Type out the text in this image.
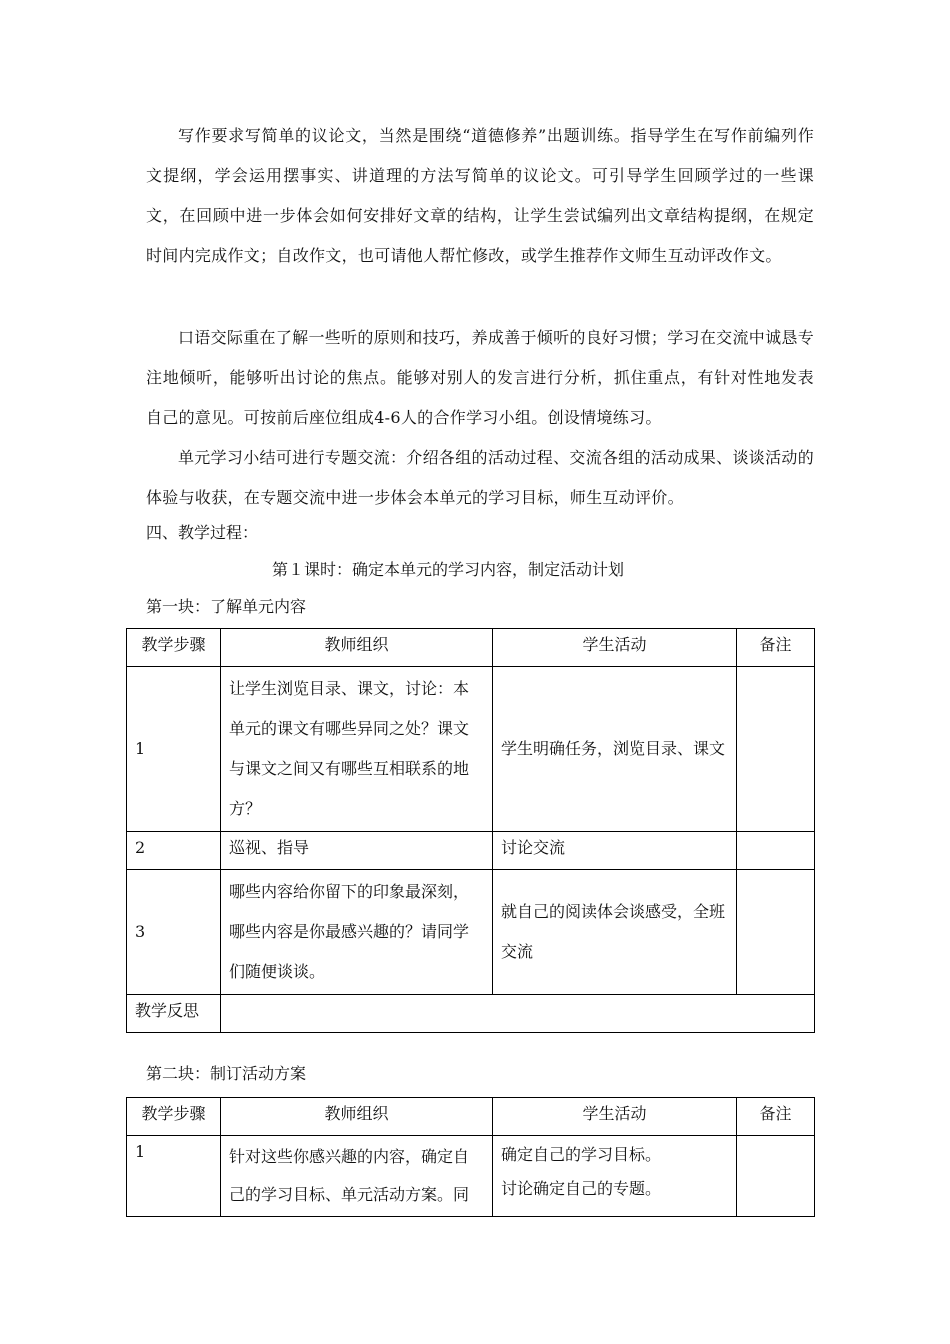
写作要求写简单的议论文，当然是围绕“道德修养”出题训练。指导学生在写作前编列作文提纲，学会运用摆事实、讲道理的方法写简单的议论文。可引导学生回顾学过的一些课文，在回顾中进一步体会如何安排好文章的结构，让学生尝试编列出文章结构提纲，在规定时间内完成作文；自改作文，也可请他人帮忙修改，或学生推荐作文师生互动评改作文。

口语交际重在了解一些听的原则和技巧，养成善于倾听的良好习惯；学习在交流中诚恳专注地倾听，能够听出讨论的焦点。能够对别人的发言进行分析，抓住重点，有针对性地发表自己的意见。可按前后座位组成4-6人的合作学习小组。创设情境练习。

单元学习小结可进行专题交流：介绍各组的活动过程、交流各组的活动成果、谈谈活动的体验与收获，在专题交流中进一步体会本单元的学习目标，师生互动评价。

四、教学过程：

第１课时：确定本单元的学习内容，制定活动计划

第一块：了解单元内容

教学步骤	教师组织	学生活动	备注
1	让学生浏览目录、课文，讨论：本单元的课文有哪些异同之处？课文与课文之间又有哪些互相联系的地方？	学生明确任务，浏览目录、课文	
2	巡视、指导	讨论交流	
3	哪些内容给你留下的印象最深刻，哪些内容是你最感兴趣的？请同学们随便谈谈。	就自己的阅读体会谈感受，全班交流	
教学反思			

第二块：制订活动方案

教学步骤	教师组织	学生活动	备注
1	针对这些你感兴趣的内容，确定自己的学习目标、单元活动方案。同	确定自己的学习目标。
讨论确定自己的专题。	
